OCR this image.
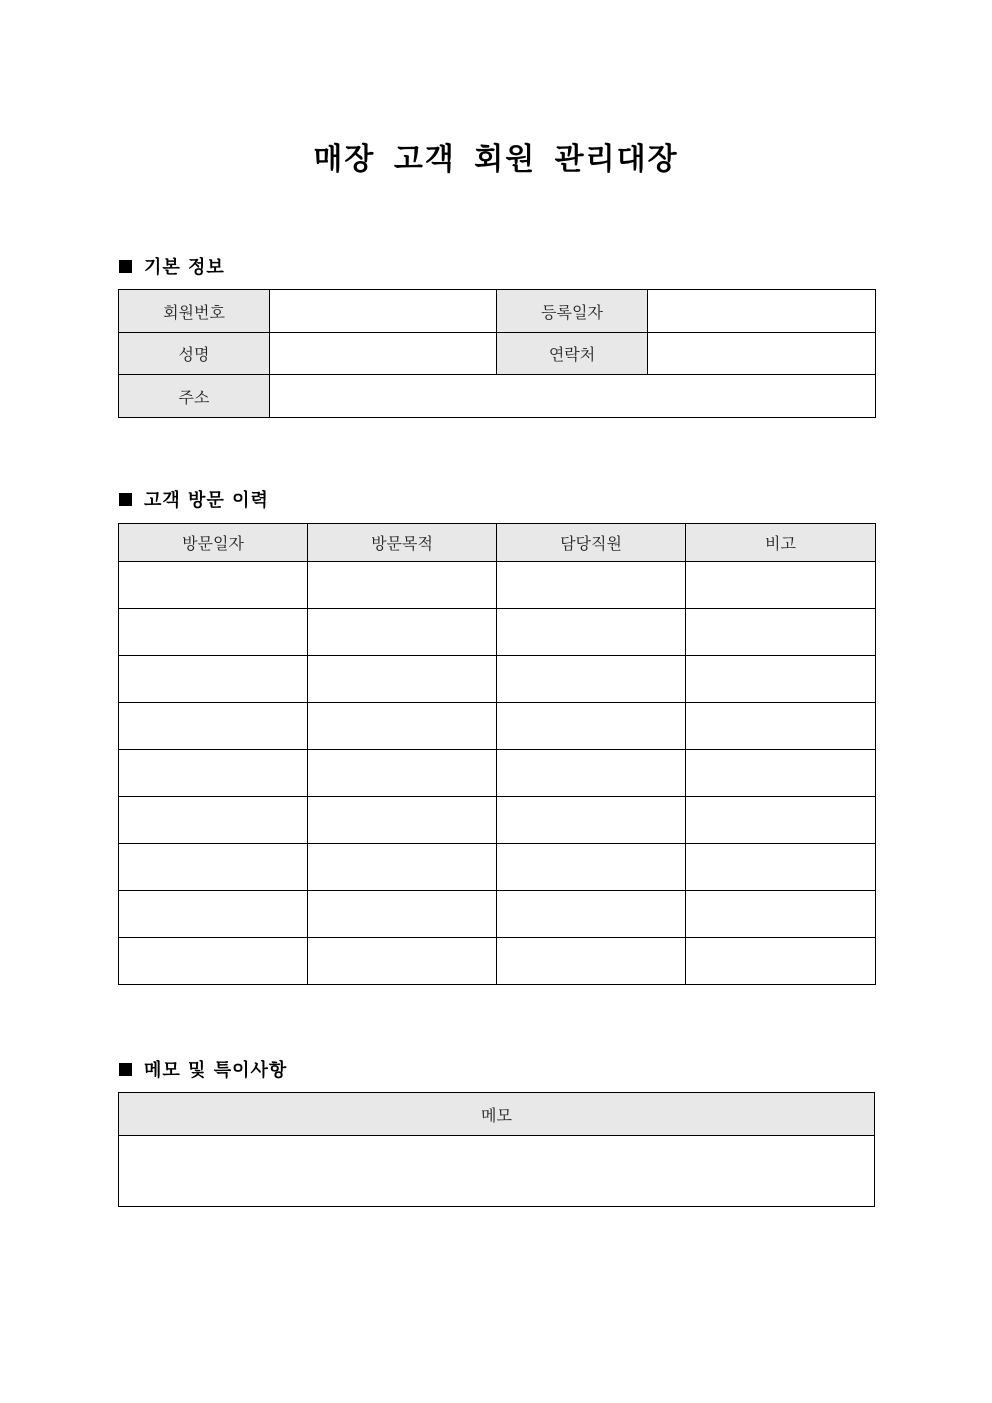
매장 고객 회원 관리대장
기본 정보
회원번호		등록일자	
성명		연락처	
주소			
고객 방문 이력
방문일자	방문목적	담당직원	비고

메모 및 특이사항
메모
